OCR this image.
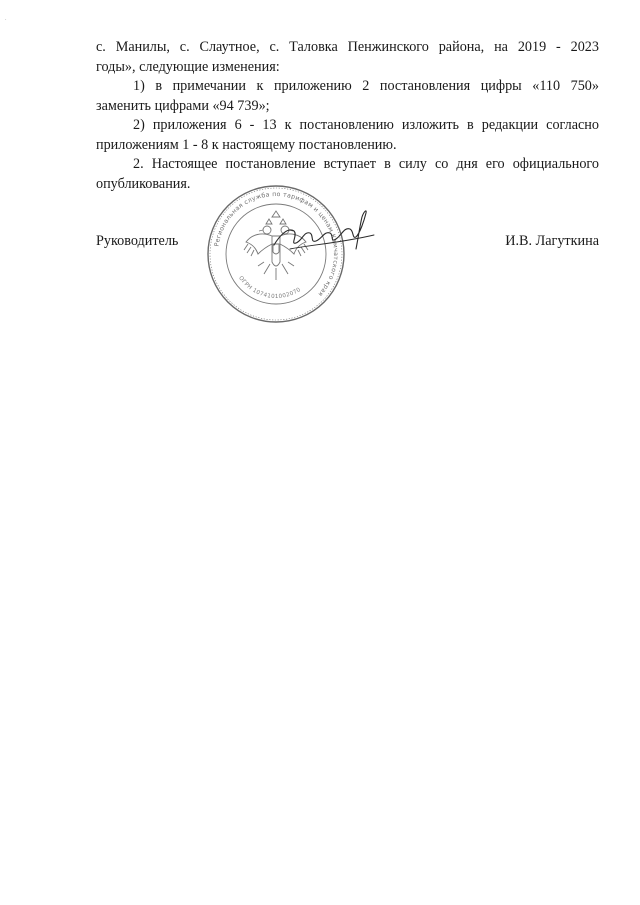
.
с. Манилы, с. Слаутное, с. Таловка Пенжинского района, на 2019 - 2023
годы», следующие изменения:
1) в примечании к приложению 2 постановления цифры «110 750»
заменить цифрами «94 739»;
2) приложения 6 - 13 к постановлению изложить в редакции согласно
приложениям 1 - 8 к настоящему постановлению.
2. Настоящее постановление вступает в силу со дня его официального
опубликования.
Региональная служба по тарифам и ценам Камчатского края
ОГРН 1074101002070
Руководитель	И.В. Лагуткина
